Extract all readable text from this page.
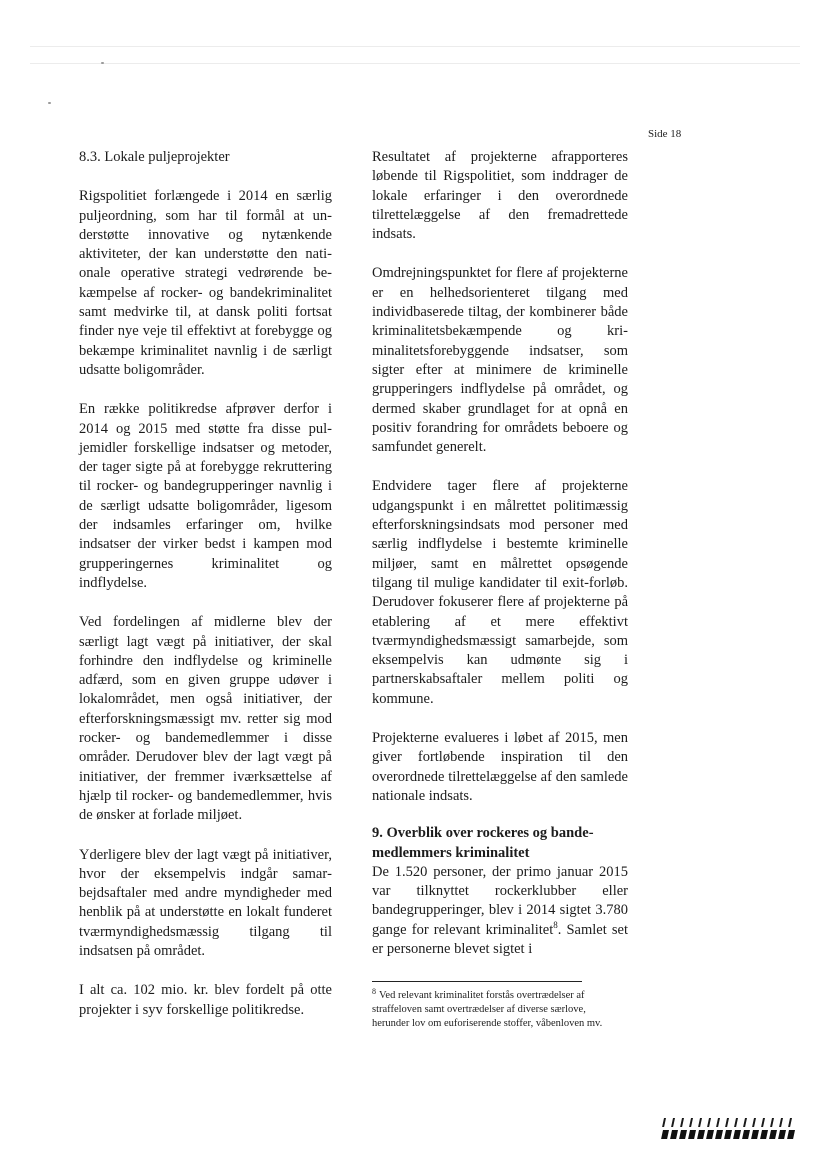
Side 18
8.3. Lokale puljeprojekter

Rigspolitiet forlængede i 2014 en særlig puljeordning, som har til formål at understøtte innovative og nytænkende aktiviteter, der kan understøtte den nationale operative strategi vedrørende bekæmpelse af rocker- og bandekriminalitet samt medvirke til, at dansk politi fortsat finder nye veje til effektivt at forebygge og bekæmpe kriminalitet navnlig i de særligt udsatte boligområder.

En række politikredse afprøver derfor i 2014 og 2015 med støtte fra disse puljemidler forskellige indsatser og metoder, der tager sigte på at forebygge rekruttering til rocker- og bandegrupperinger navnlig i de særligt udsatte boligområder, ligesom der indsamles erfaringer om, hvilke indsatser der virker bedst i kampen mod grupperingernes kriminalitet og indflydelse.

Ved fordelingen af midlerne blev der særligt lagt vægt på initiativer, der skal forhindre den indflydelse og kriminelle adfærd, som en given gruppe udøver i lokalområdet, men også initiativer, der efterforskningsmæssigt mv. retter sig mod rocker- og bandemedlemmer i disse områder. Derudover blev der lagt vægt på initiativer, der fremmer iværksættelse af hjælp til rocker- og bandemedlemmer, hvis de ønsker at forlade miljøet.

Yderligere blev der lagt vægt på initiativer, hvor der eksempelvis indgår samarbejdsaftaler med andre myndigheder med henblik på at understøtte en lokalt funderet tværmyndighedsmæssig tilgang til indsatsen på området.

I alt ca. 102 mio. kr. blev fordelt på otte projekter i syv forskellige politikredse.

Resultatet af projekterne afrapporteres løbende til Rigspolitiet, som inddrager de lokale erfaringer i den overordnede tilrettelæggelse af den fremadrettede indsats.

Omdrejningspunktet for flere af projekterne er en helhedsorienteret tilgang med individbaserede tiltag, der kombinerer både kriminalitetsbekæmpende og kriminalitetsforebyggende indsatser, som sigter efter at minimere de kriminelle grupperingers indflydelse på området, og dermed skaber grundlaget for at opnå en positiv forandring for områdets beboere og samfundet generelt.

Endvidere tager flere af projekterne udgangspunkt i en målrettet politimæssig efterforskningsindsats mod personer med særlig indflydelse i bestemte kriminelle miljøer, samt en målrettet opsøgende tilgang til mulige kandidater til exit-forløb. Derudover fokuserer flere af projekterne på etablering af et mere effektivt tværmyndighedsmæssigt samarbejde, som eksempelvis kan udmønte sig i partnerskabsaftaler mellem politi og kommune.

Projekterne evalueres i løbet af 2015, men giver fortløbende inspiration til den overordnede tilrettelæggelse af den samlede nationale indsats.

9. Overblik over rockeres og bandemedlemmers kriminalitet

De 1.520 personer, der primo januar 2015 var tilknyttet rockerklubber eller bandegrupperinger, blev i 2014 sigtet 3.780 gange for relevant kriminalitet$^8$. Samlet set er personerne blevet sigtet i

$^8$ Ved relevant kriminalitet forstås overtrædelser af straffeloven samt overtrædelser af diverse særlove, herunder lov om euforiserende stoffer, våbenloven mv.
